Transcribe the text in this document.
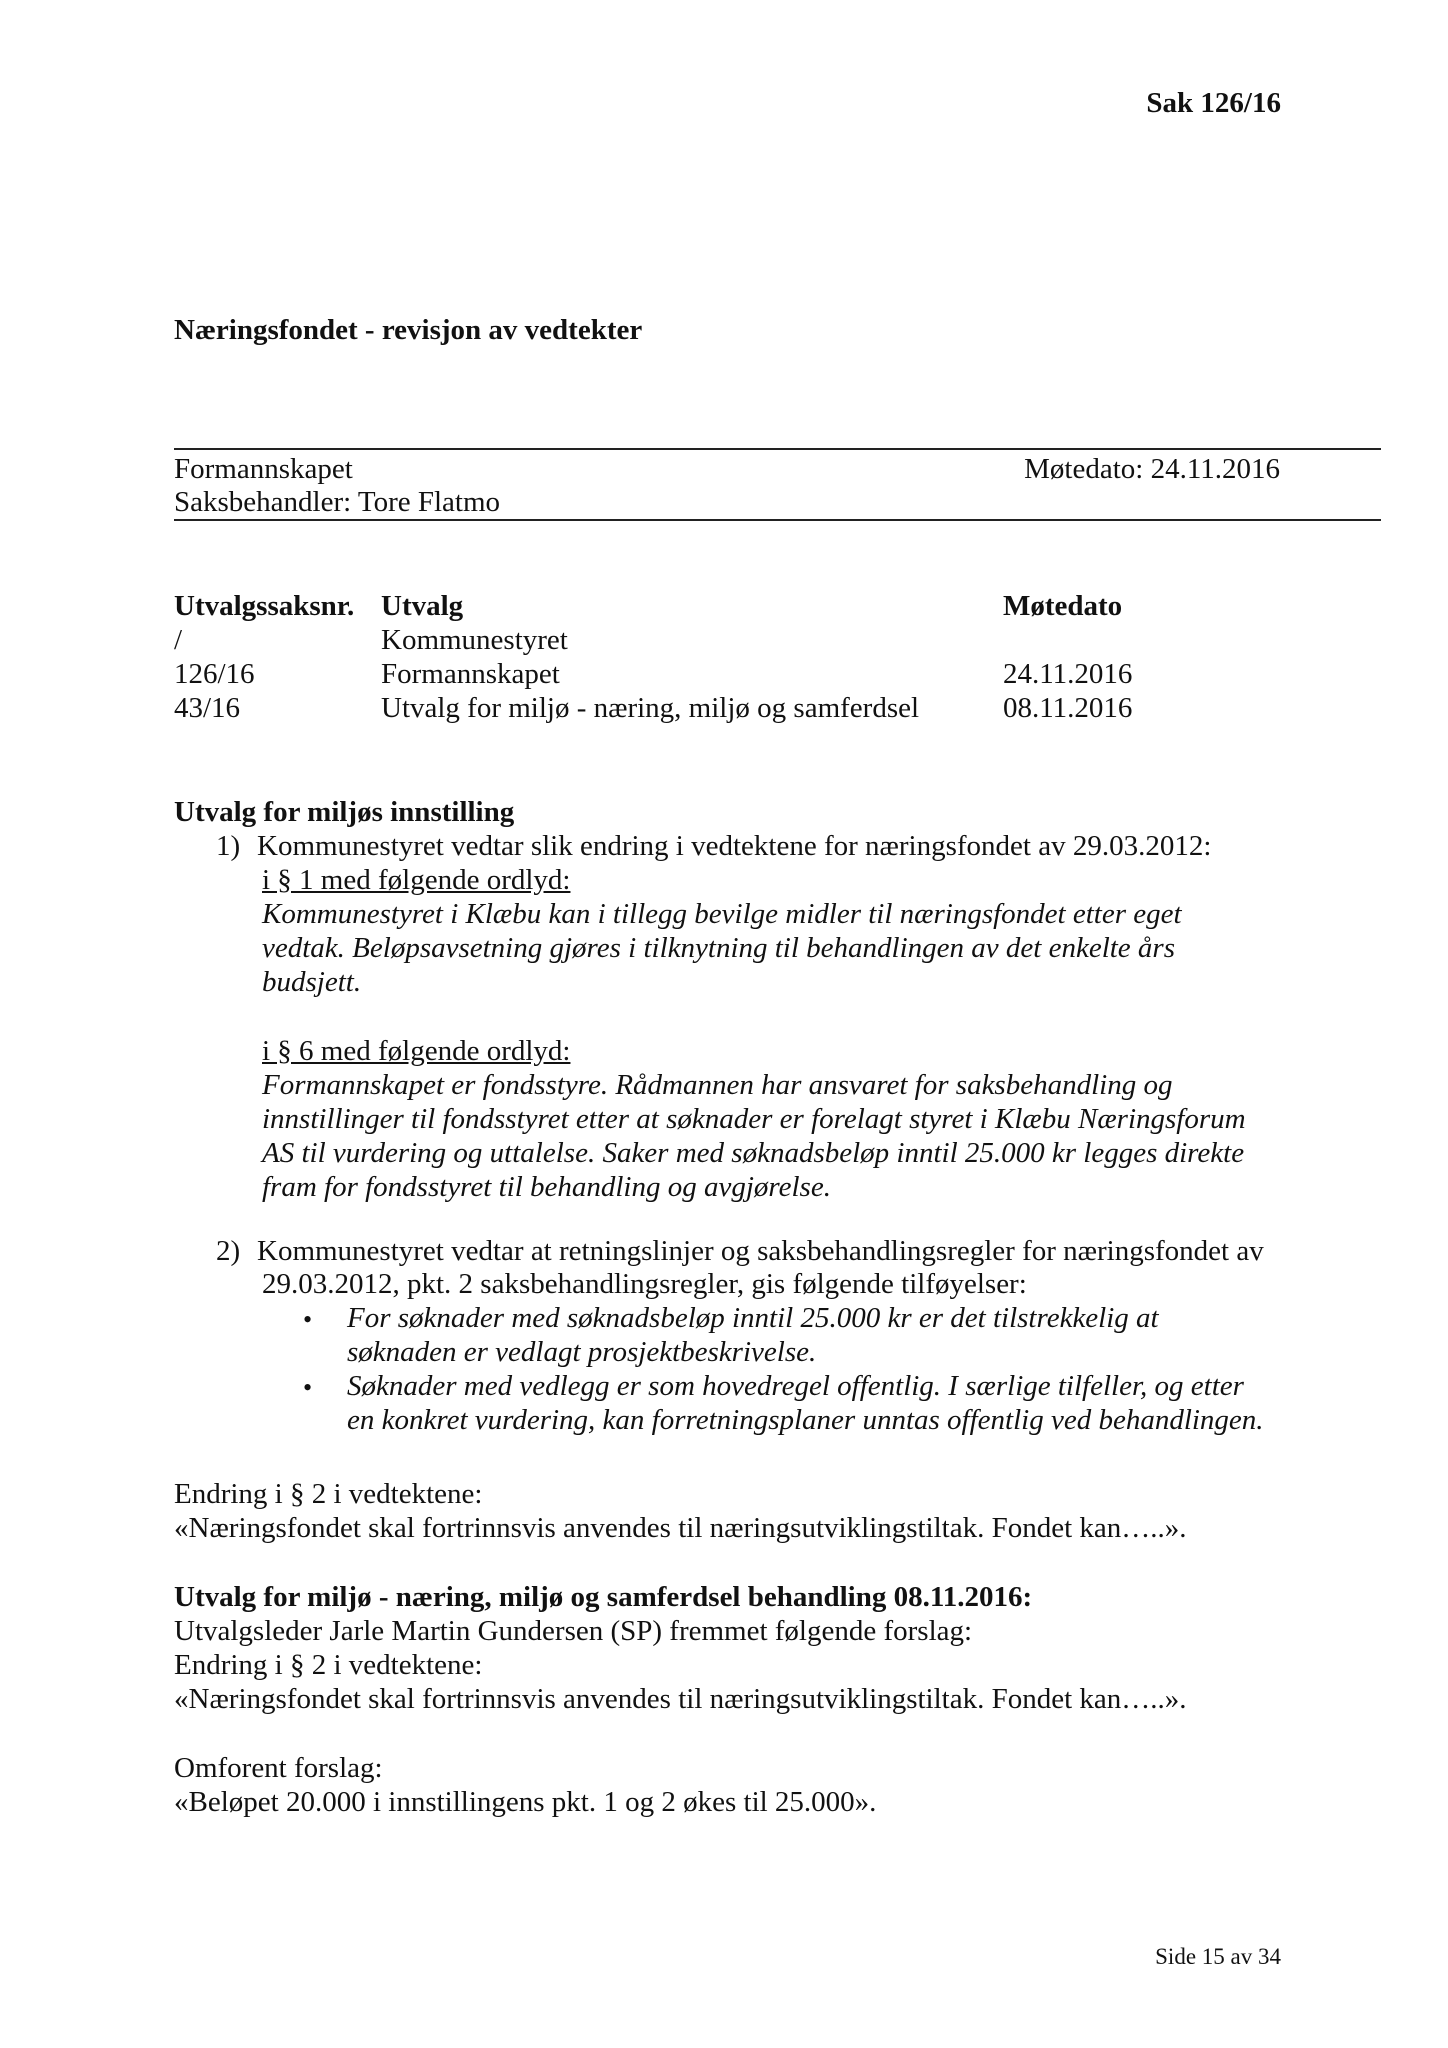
Sak 126/16
Næringsfondet - revisjon av vedtekter
Formannskapet	Møtedato: 24.11.2016
Saksbehandler: Tore Flatmo
Utvalgssaksnr. Utvalg	Møtedato
/	Kommunestyret
126/16	Formannskapet	24.11.2016
43/16	Utvalg for miljø - næring, miljø og samferdsel	08.11.2016
Utvalg for miljøs innstilling
1) Kommunestyret vedtar slik endring i vedtektene for næringsfondet av 29.03.2012:
i § 1 med følgende ordlyd:
Kommunestyret i Klæbu kan i tillegg bevilge midler til næringsfondet etter eget
vedtak. Beløpsavsetning gjøres i tilknytning til behandlingen av det enkelte års
budsjett.
i § 6 med følgende ordlyd:
Formannskapet er fondsstyre. Rådmannen har ansvaret for saksbehandling og
innstillinger til fondsstyret etter at søknader er forelagt styret i Klæbu Næringsforum
AS til vurdering og uttalelse. Saker med søknadsbeløp inntil 25.000 kr legges direkte
fram for fondsstyret til behandling og avgjørelse.
2) Kommunestyret vedtar at retningslinjer og saksbehandlingsregler for næringsfondet av
29.03.2012, pkt. 2 saksbehandlingsregler, gis følgende tilføyelser:
• For søknader med søknadsbeløp inntil 25.000 kr er det tilstrekkelig at
søknaden er vedlagt prosjektbeskrivelse.
• Søknader med vedlegg er som hovedregel offentlig. I særlige tilfeller, og etter
en konkret vurdering, kan forretningsplaner unntas offentlig ved behandlingen.
Endring i § 2 i vedtektene:
«Næringsfondet skal fortrinnsvis anvendes til næringsutviklingstiltak. Fondet kan…..».
Utvalg for miljø - næring, miljø og samferdsel behandling 08.11.2016:
Utvalgsleder Jarle Martin Gundersen (SP) fremmet følgende forslag:
Endring i § 2 i vedtektene:
«Næringsfondet skal fortrinnsvis anvendes til næringsutviklingstiltak. Fondet kan…..».
Omforent forslag:
«Beløpet 20.000 i innstillingens pkt. 1 og 2 økes til 25.000».
Side 15 av 34
